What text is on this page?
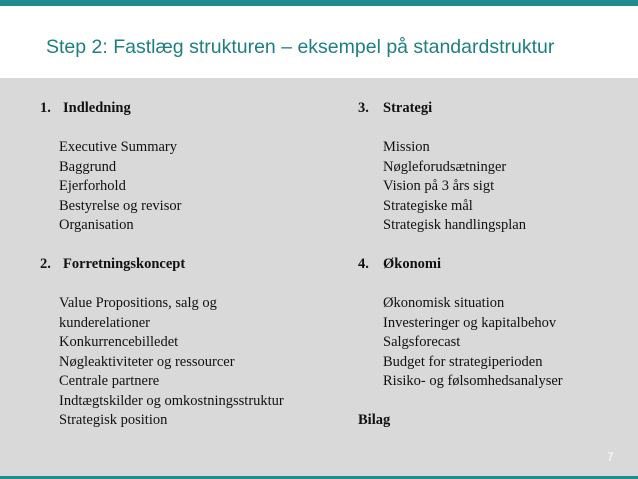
Step 2: Fastlæg strukturen – eksempel på standardstruktur
1. Indledning
Executive Summary
Baggrund
Ejerforhold
Bestyrelse og revisor
Organisation
2. Forretningskoncept
Value Propositions, salg og
kunderelationer
Konkurrencebilledet
Nøgleaktiviteter og ressourcer
Centrale partnere
Indtægtskilder og omkostningsstruktur
Strategisk position
3. Strategi
Mission
Nøgleforudsætninger
Vision på 3 års sigt
Strategiske mål
Strategisk handlingsplan
4. Økonomi
Økonomisk situation
Investeringer og kapitalbehov
Salgsforecast
Budget for strategiperioden
Risiko- og følsomhedsanalyser
Bilag
7
